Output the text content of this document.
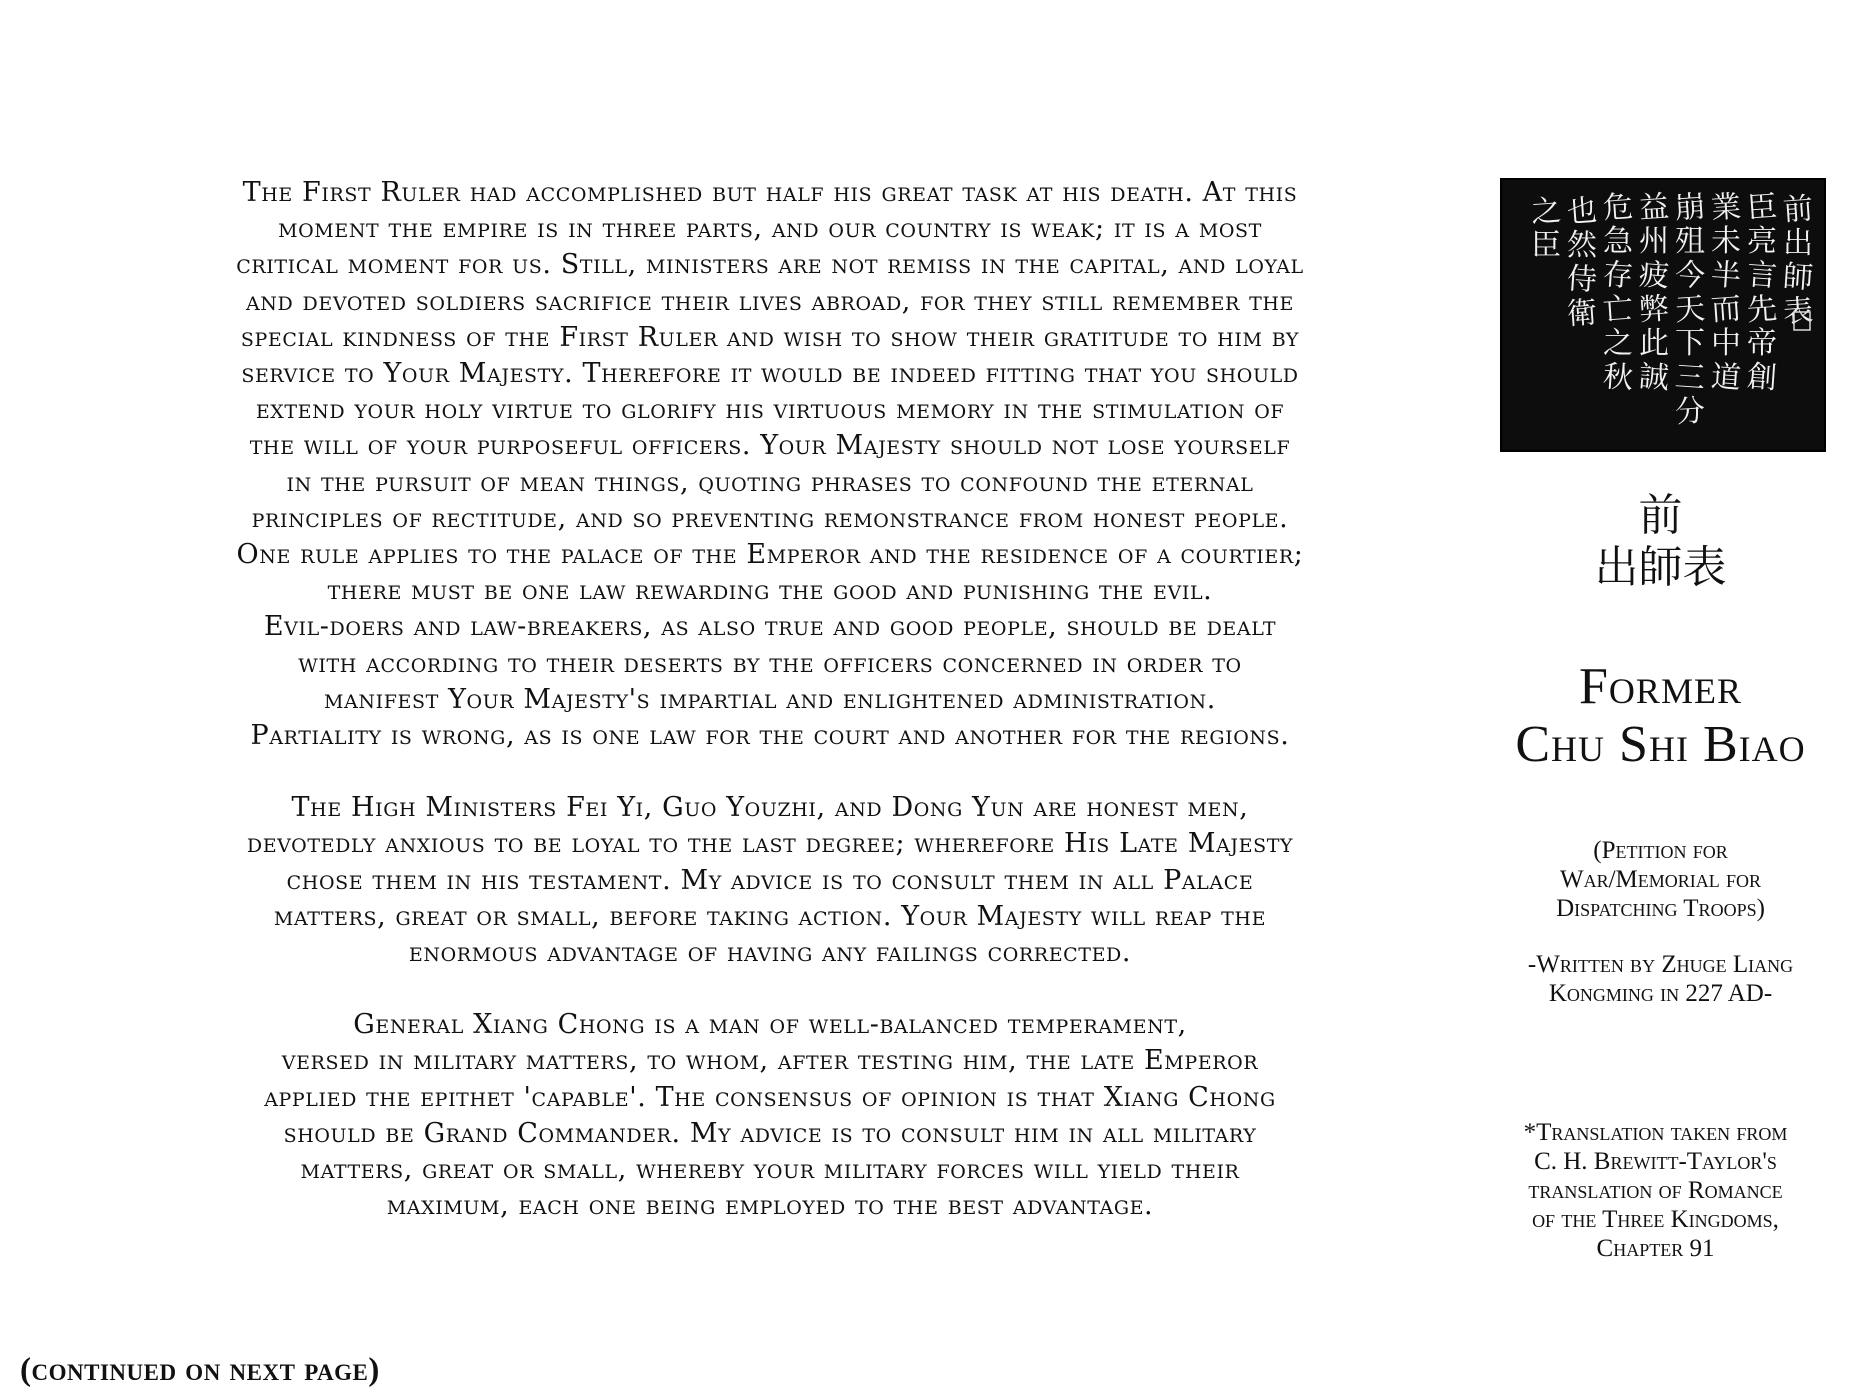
The First Ruler had accomplished but half his great task at his death. At this
moment the empire is in three parts, and our country is weak; it is a most
critical moment for us. Still, ministers are not remiss in the capital, and loyal
and devoted soldiers sacrifice their lives abroad, for they still remember the
special kindness of the First Ruler and wish to show their gratitude to him by
service to Your Majesty. Therefore it would be indeed fitting that you should
extend your holy virtue to glorify his virtuous memory in the stimulation of
the will of your purposeful officers. Your Majesty should not lose yourself
in the pursuit of mean things, quoting phrases to confound the eternal
principles of rectitude, and so preventing remonstrance from honest people.
One rule applies to the palace of the Emperor and the residence of a courtier;
there must be one law rewarding the good and punishing the evil.
Evil-doers and law-breakers, as also true and good people, should be dealt
with according to their deserts by the officers concerned in order to
manifest Your Majesty's impartial and enlightened administration.
Partiality is wrong, as is one law for the court and another for the regions.

The High Ministers Fei Yi, Guo Youzhi, and Dong Yun are honest men,
devotedly anxious to be loyal to the last degree; wherefore His Late Majesty
chose them in his testament. My advice is to consult them in all Palace
matters, great or small, before taking action. Your Majesty will reap the
enormous advantage of having any failings corrected.

General Xiang Chong is a man of well-balanced temperament,
versed in military matters, to whom, after testing him, the late Emperor
applied the epithet 'capable'. The consensus of opinion is that Xiang Chong
should be Grand Commander. My advice is to consult him in all military
matters, great or small, whereby your military forces will yield their
maximum, each one being employed to the best advantage.

(continued on next page)
前
出
師
表
臣
亮
言
先
帝
創
業
未
半
而
中
道
崩
殂
今
天
下
三
分
益
州
疲
弊
此
誠
危
急
存
亡
之
秋
也
然
侍
衛
之
臣
前
出師表
Former
Chu Shi Biao
(Petition for
War/Memorial for
Dispatching Troops)
-Written by Zhuge Liang
Kongming in 227 AD-
*Translation taken from
C. H. Brewitt-Taylor's
translation of Romance
of the Three Kingdoms,
Chapter 91
